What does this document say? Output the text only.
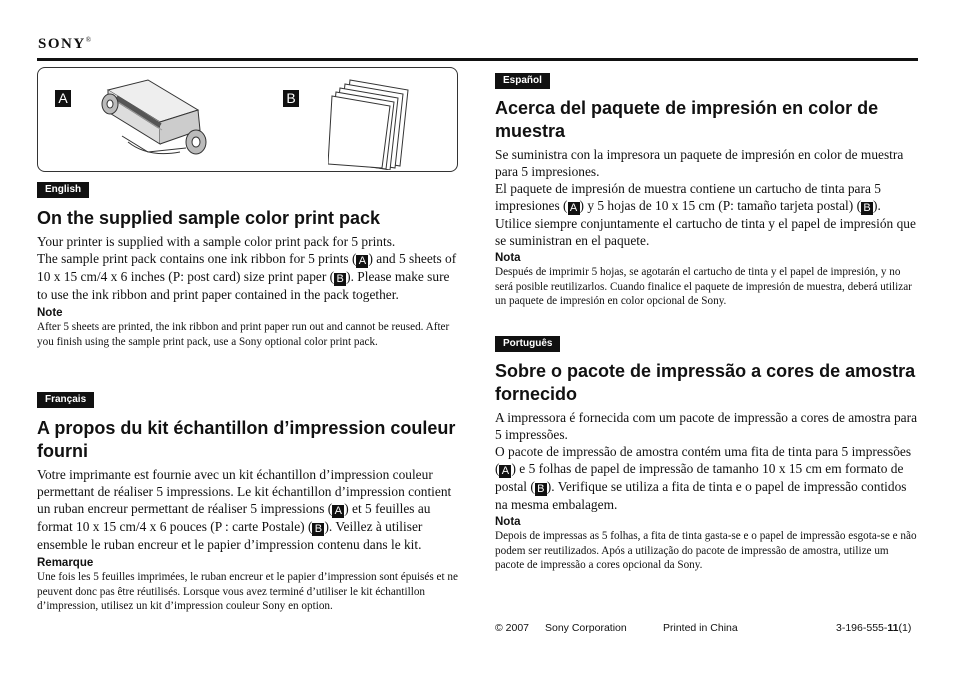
SONY®
A	B
English
On the supplied sample color print pack

Your printer is supplied with a sample color print pack for 5 prints.

The sample print pack contains one ink ribbon for 5 prints ( A ) and 5 sheets of 10 x 15 cm/4 x 6 inches (P: post card) size print paper ( B ). Please make sure to use the ink ribbon and print paper contained in the pack together.

Note

After 5 sheets are printed, the ink ribbon and print paper run out and cannot be reused. After you finish using the sample print pack, use a Sony optional color print pack.

Français
A propos du kit échantillon d’impression couleur fourni

Votre imprimante est fournie avec un kit échantillon d’impression couleur permettant de réaliser 5 impressions. Le kit échantillon d’impression contient un ruban encreur permettant de réaliser 5 impressions ( A ) et 5 feuilles au format 10 x 15 cm/4 x 6 pouces (P : carte Postale) ( B ). Veillez à utiliser ensemble le ruban encreur et le papier d’impression contenu dans le kit.

Remarque

Une fois les 5 feuilles imprimées, le ruban encreur et le papier d’impression sont épuisés et ne peuvent donc pas être réutilisés. Lorsque vous avez terminé d’utiliser le kit échantillon d’impression, utilisez un kit d’impression couleur Sony en option.

Español
Acerca del paquete de impresión en color de muestra

Se suministra con la impresora un paquete de impresión en color de muestra para 5 impresiones.

El paquete de impresión de muestra contiene un cartucho de tinta para 5 impresiones ( A ) y 5 hojas de 10 x 15 cm (P: tamaño tarjeta postal) ( B ). Utilice siempre conjuntamente el cartucho de tinta y el papel de impresión que se suministran en el paquete.

Nota

Después de imprimir 5 hojas, se agotarán el cartucho de tinta y el papel de impresión, y no será posible reutilizarlos. Cuando finalice el paquete de impresión de muestra, deberá utilizar un paquete de impresión en color opcional de Sony.

Português
Sobre o pacote de impressão a cores de amostra fornecido

A impressora é fornecida com um pacote de impressão a cores de amostra para 5 impressões.

O pacote de impressão de amostra contém uma fita de tinta para 5 impressões ( A ) e 5 folhas de papel de impressão de tamanho 10 x 15 cm em formato de postal ( B ). Verifique se utiliza a fita de tinta e o papel de impressão contidos na mesma embalagem.

Nota

Depois de impressas as 5 folhas, a fita de tinta gasta-se e o papel de impressão esgota-se e não podem ser reutilizados. Após a utilização do pacote de impressão de amostra, utilize um pacote de impressão a cores opcional da Sony.

© 2007 Sony Corporation	Printed in China	3-196-555-11(1)
